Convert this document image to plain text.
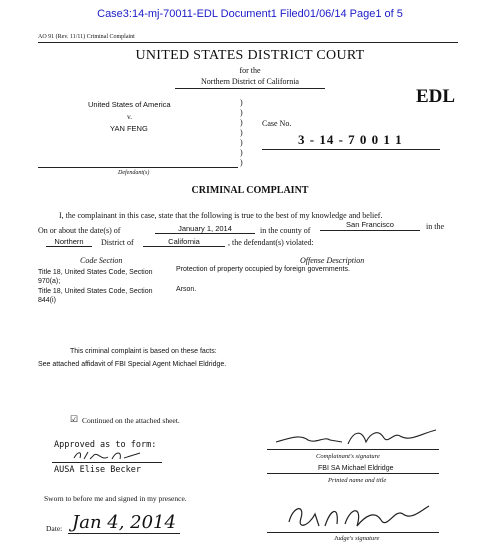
Case3:14-mj-70011-EDL Document1 Filed01/06/14 Page1 of 5
AO 91 (Rev. 11/11) Criminal Complaint
UNITED STATES DISTRICT COURT
for the
Northern District of California
EDL
United States of America
v.
YAN FENG
)
)
)
)
)
)
)
Case No.
3 - 14 - 7 0 0 1 1
Defendant(s)
CRIMINAL COMPLAINT
I, the complainant in this case, state that the following is true to the best of my knowledge and belief.
On or about the date(s) of	January 1, 2014	in the county of
San Francisco	in the
Northern	District of	California	, the defendant(s) violated:
Code Section	Offense Description
Title 18, United States Code, Section 970(a);
Protection of property occupied by foreign governments.
Title 18, United States Code, Section 844(i)
Arson.
This criminal complaint is based on these facts:
See attached affidavit of FBI Special Agent Michael Eldridge.
☑ Continued on the attached sheet.
Approved as to form:
AUSA Elise Becker
Complainant's signature
FBI SA Michael Eldridge
Printed name and title
Sworn to before me and signed in my presence.
Date: Jan 4, 2014
Judge's signature
